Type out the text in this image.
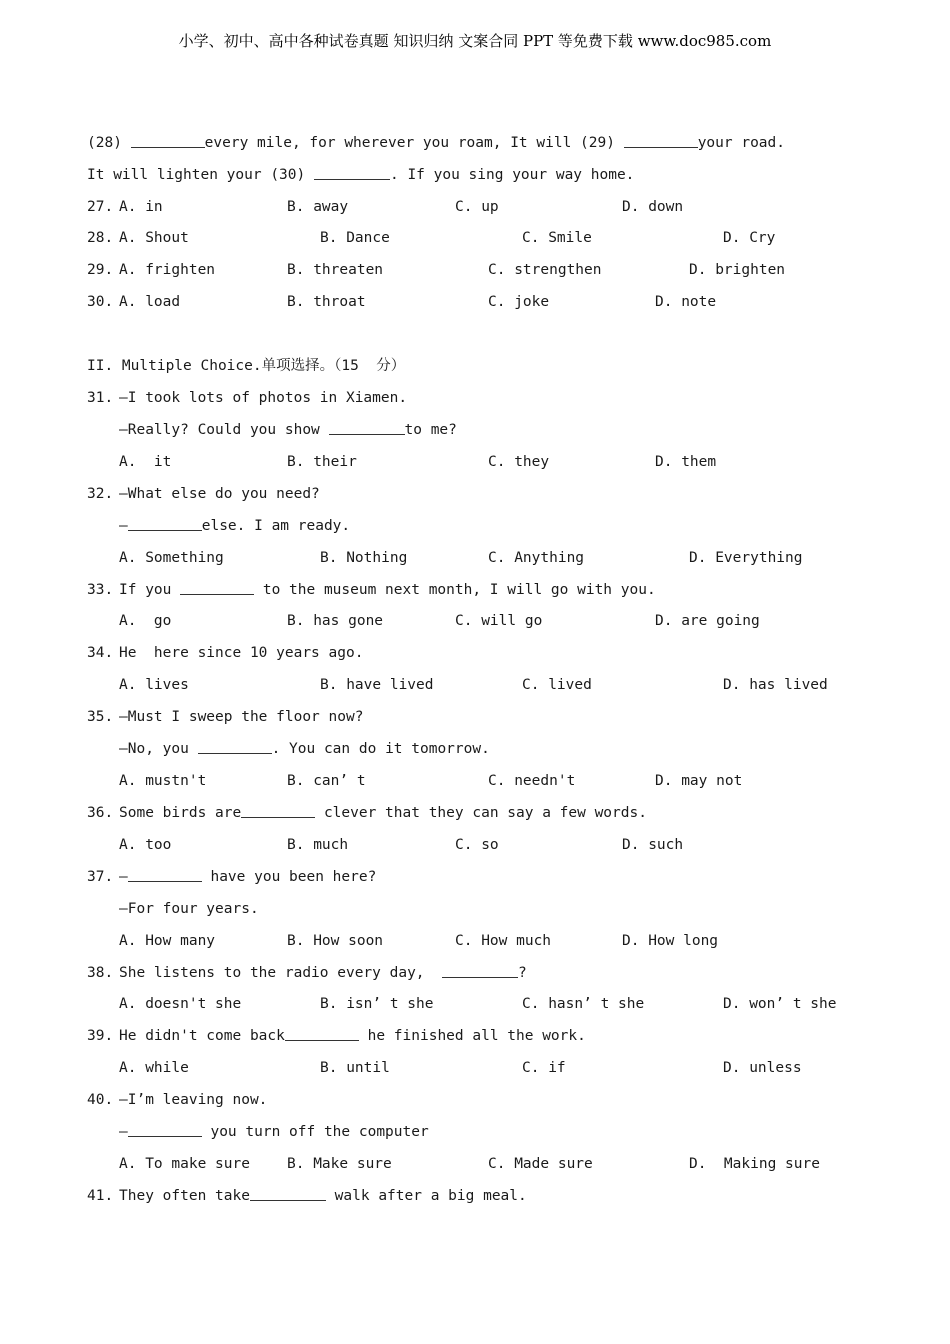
小学、初中、高中各种试卷真题 知识归纳 文案合同 PPT 等免费下载 www.doc985.com
(28)	every mile, for wherever you roam, It will (29)	your road.
It will lighten your (30)	. If you sing your way home.
27. A. in	B. away	C. up	D. down
28. A. Shout	B. Dance	C. Smile	D. Cry
29. A. frighten	B. threaten	C. strengthen	D. brighten
30. A. load	B. throat	C. joke	D. note
II. Multiple Choice.单项选择。（15  分）
31. —I took lots of photos in Xiamen.
—Really? Could you show	to me?
A.  it	B. their	C. they	D. them
32. —What else do you need?
—	else. I am ready.
A. Something	B. Nothing	C. Anything	D. Everything
33. If you	to the museum next month, I will go with you.
A.  go	B. has gone	C. will go	D. are going
34. He  here since 10 years ago.
A. lives	B. have lived	C. lived	D. has lived
35. —Must I sweep the floor now?
—No, you	. You can do it tomorrow.
A. mustn't	B. can’ t	C. needn't	D. may not
36. Some birds are	clever that they can say a few words.
A. too	B. much	C. so	D. such
37. —	have you been here?
—For four years.
A. How many	B. How soon	C. How much	D. How long
38. She listens to the radio every day,	?
A. doesn't she	B. isn’ t she	C. hasn’ t she	D. won’ t she
39. He didn't come back	he finished all the work.
A. while	B. until	C. if	D. unless
40. —I’m leaving now.
—	you turn off the computer
A. To make sure	B. Make sure	C. Made sure	D.  Making sure
41. They often take	walk after a big meal.
